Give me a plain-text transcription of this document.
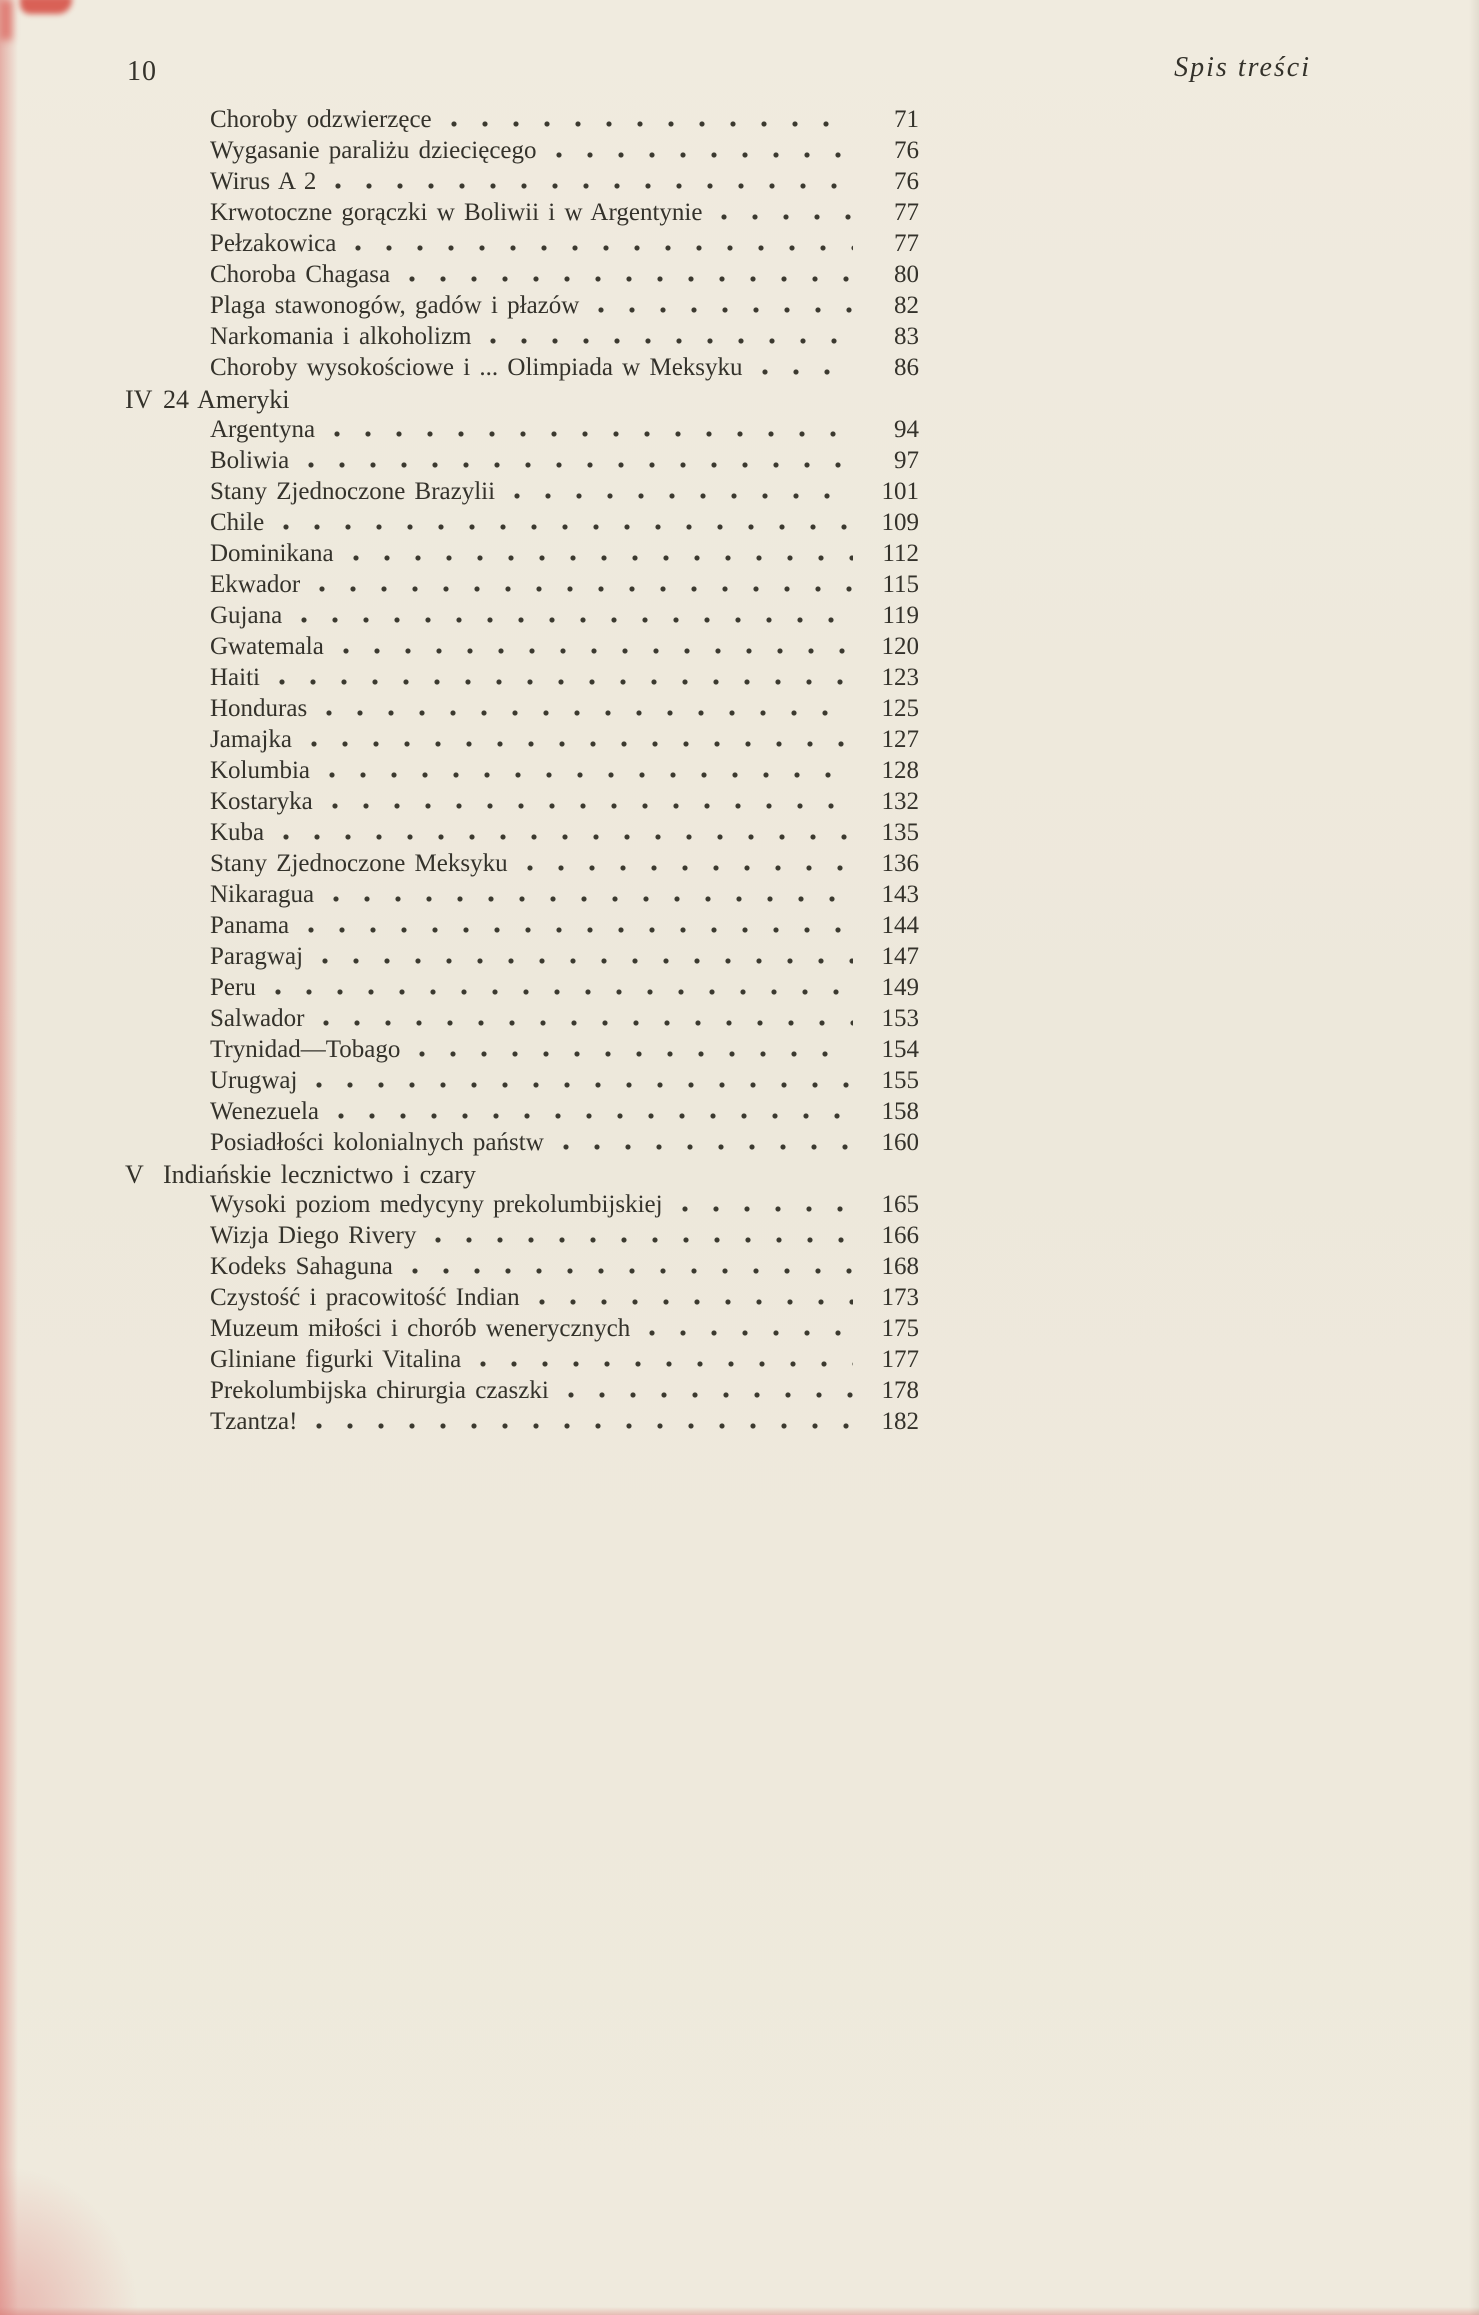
10	Spis treści
Choroby odzwierzęce	71
Wygasanie paraliżu dziecięcego	76
Wirus A 2	76
Krwotoczne gorączki w Boliwii i w Argentynie	77
Pełzakowica	77
Choroba Chagasa	80
Plaga stawonogów, gadów i płazów	82
Narkomania i alkoholizm	83
Choroby wysokościowe i ... Olimpiada w Meksyku	86
IV 24 Ameryki
Argentyna	94
Boliwia	97
Stany Zjednoczone Brazylii	101
Chile	109
Dominikana	112
Ekwador	115
Gujana	119
Gwatemala	120
Haiti	123
Honduras	125
Jamajka	127
Kolumbia	128
Kostaryka	132
Kuba	135
Stany Zjednoczone Meksyku	136
Nikaragua	143
Panama	144
Paragwaj	147
Peru	149
Salwador	153
Trynidad—Tobago	154
Urugwaj	155
Wenezuela	158
Posiadłości kolonialnych państw	160
V Indiańskie lecznictwo i czary
Wysoki poziom medycyny prekolumbijskiej	165
Wizja Diego Rivery	166
Kodeks Sahaguna	168
Czystość i pracowitość Indian	173
Muzeum miłości i chorób wenerycznych	175
Gliniane figurki Vitalina	177
Prekolumbijska chirurgia czaszki	178
Tzantza!	182
